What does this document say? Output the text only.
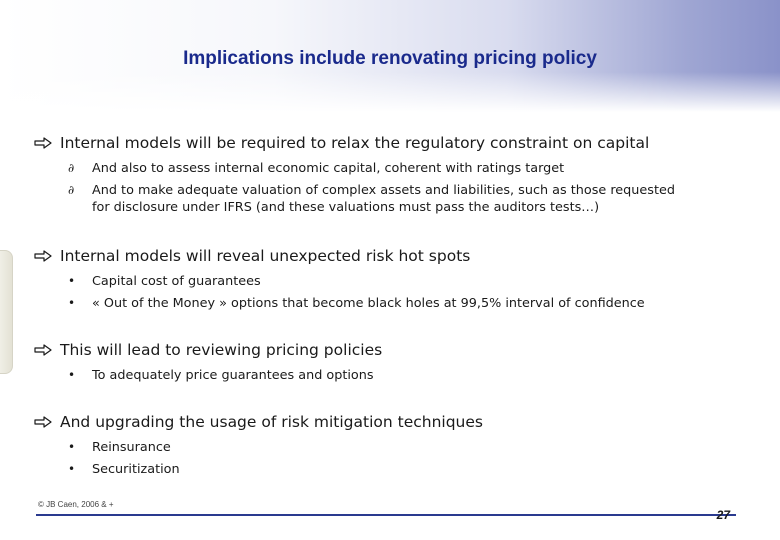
Implications include renovating pricing policy
Internal models will be required to relax the regulatory constraint on capital
∂ And also to assess internal economic capital, coherent with ratings target
∂ And to make adequate valuation of complex assets and liabilities, such as those requested
for disclosure under IFRS (and these valuations must pass the auditors tests…)
Internal models will reveal unexpected risk hot spots
• Capital cost of guarantees
• « Out of the Money » options that become black holes at 99,5% interval of confidence
This will lead to reviewing pricing policies
• To adequately price guarantees and options
And upgrading the usage of risk mitigation techniques
• Reinsurance
• Securitization
© JB Caen, 2006 & +
27
